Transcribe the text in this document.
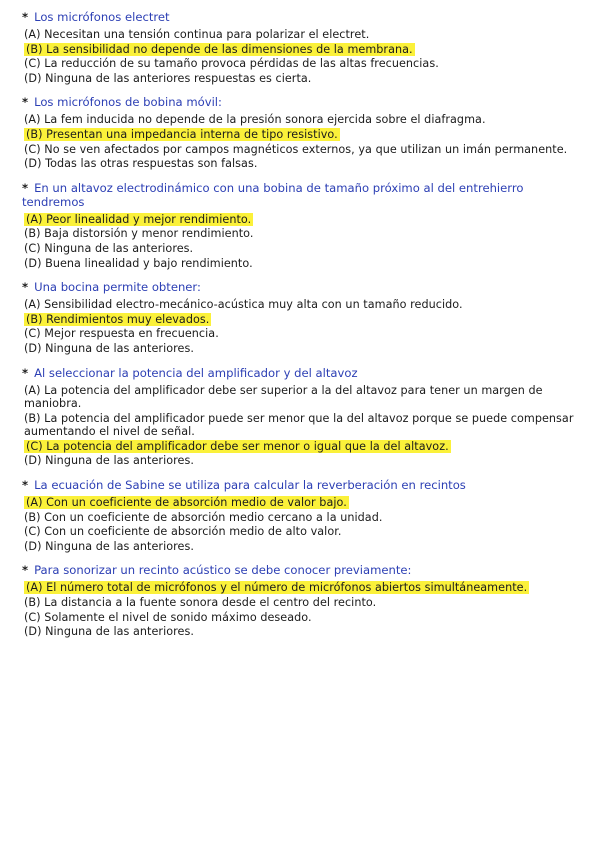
* Los micrófonos electret
(A) Necesitan una tensión continua para polarizar el electret.
(B) La sensibilidad no depende de las dimensiones de la membrana.
(C) La reducción de su tamaño provoca pérdidas de las altas frecuencias.
(D) Ninguna de las anteriores respuestas es cierta.
* Los micrófonos de bobina móvil:
(A) La fem inducida no depende de la presión sonora ejercida sobre el diafragma.
(B) Presentan una impedancia interna de tipo resistivo.
(C) No se ven afectados por campos magnéticos externos, ya que utilizan un imán permanente.
(D) Todas las otras respuestas son falsas.
* En un altavoz electrodinámico con una bobina de tamaño próximo al del entrehierro tendremos
(A) Peor linealidad y mejor rendimiento.
(B) Baja distorsión y menor rendimiento.
(C) Ninguna de las anteriores.
(D) Buena linealidad y bajo rendimiento.
* Una bocina permite obtener:
(A) Sensibilidad electro-mecánico-acústica muy alta con un tamaño reducido.
(B) Rendimientos muy elevados.
(C) Mejor respuesta en frecuencia.
(D) Ninguna de las anteriores.
* Al seleccionar la potencia del amplificador y del altavoz
(A) La potencia del amplificador debe ser superior a la del altavoz para tener un margen de maniobra.
(B) La potencia del amplificador puede ser menor que la del altavoz porque se puede compensar aumentando el nivel de señal.
(C) La potencia del amplificador debe ser menor o igual que la del altavoz.
(D) Ninguna de las anteriores.
* La ecuación de Sabine se utiliza para calcular la reverberación en recintos
(A) Con un coeficiente de absorción medio de valor bajo.
(B) Con un coeficiente de absorción medio cercano a la unidad.
(C) Con un coeficiente de absorción medio de alto valor.
(D) Ninguna de las anteriores.
* Para sonorizar un recinto acústico se debe conocer previamente:
(A) El número total de micrófonos y el número de micrófonos abiertos simultáneamente.
(B) La distancia a la fuente sonora desde el centro del recinto.
(C) Solamente el nivel de sonido máximo deseado.
(D) Ninguna de las anteriores.
